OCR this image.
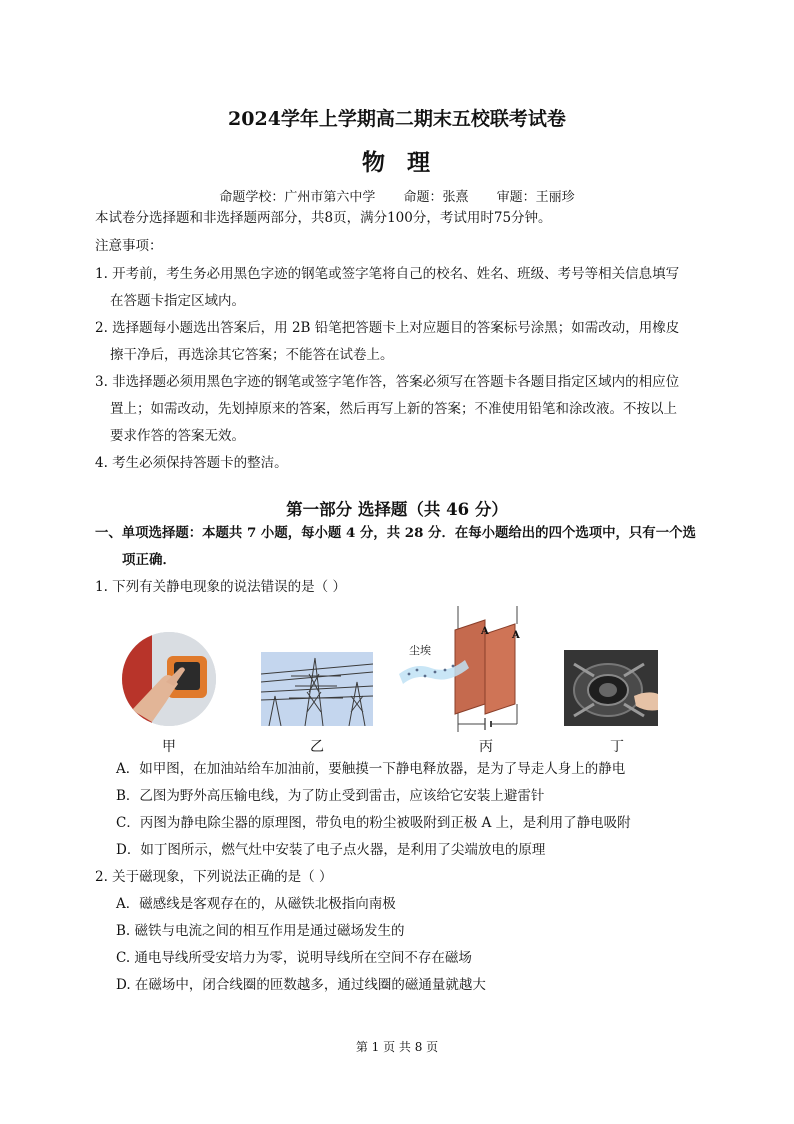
2024学年上学期高二期末五校联考试卷
物 理
命题学校：广州市第六中学 命题：张熹 审题：王丽珍
本试卷分选择题和非选择题两部分，共8页，满分100分，考试用时75分钟。
注意事项：
1. 开考前，考生务必用黑色字迹的钢笔或签字笔将自己的校名、姓名、班级、考号等相关信息填写
在答题卡指定区域内。
2. 选择题每小题选出答案后，用 2B 铅笔把答题卡上对应题目的答案标号涂黑；如需改动，用橡皮
擦干净后，再选涂其它答案；不能答在试卷上。
3. 非选择题必须用黑色字迹的钢笔或签字笔作答，答案必须写在答题卡各题目指定区域内的相应位
置上；如需改动，先划掉原来的答案，然后再写上新的答案；不准使用铅笔和涂改液。不按以上
要求作答的答案无效。
4. 考生必须保持答题卡的整洁。
第一部分 选择题（共 46 分）
一、单项选择题：本题共 7 小题，每小题 4 分，共 28 分．在每小题给出的四个选项中，只有一个选
项正确．
1. 下列有关静电现象的说法错误的是（ ）
甲	乙
A A
尘埃
丙	丁
A．如甲图，在加油站给车加油前，要触摸一下静电释放器，是为了导走人身上的静电
B．乙图为野外高压输电线，为了防止受到雷击，应该给它安装上避雷针
C．丙图为静电除尘器的原理图，带负电的粉尘被吸附到正极 A 上，是利用了静电吸附
D．如丁图所示，燃气灶中安装了电子点火器，是利用了尖端放电的原理
2. 关于磁现象，下列说法正确的是（ ）
A．磁感线是客观存在的，从磁铁北极指向南极
B. 磁铁与电流之间的相互作用是通过磁场发生的
C. 通电导线所受安培力为零，说明导线所在空间不存在磁场
D. 在磁场中，闭合线圈的匝数越多，通过线圈的磁通量就越大
第 1 页 共 8 页
